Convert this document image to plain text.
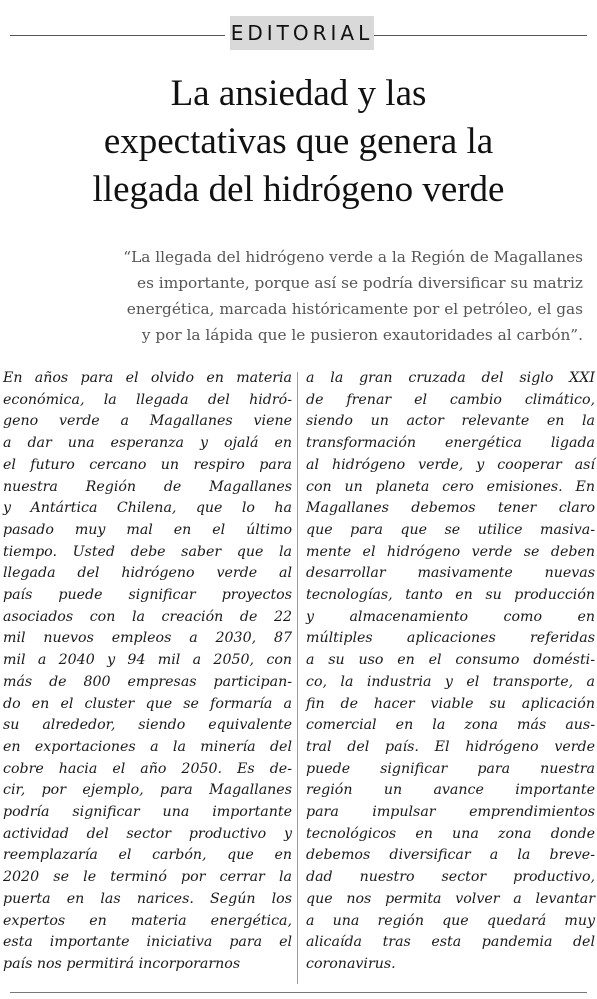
EDITORIAL
La ansiedad y las
expectativas que genera la
llegada del hidrógeno verde
“La llegada del hidrógeno verde a la Región de Magallanes
es importante, porque así se podría diversificar su matriz
energética, marcada históricamente por el petróleo, el gas
y por la lápida que le pusieron exautoridades al carbón”.
En años para el olvido en materia
económica, la llegada del hidró-
geno verde a Magallanes viene
a dar una esperanza y ojalá en
el futuro cercano un respiro para
nuestra Región de Magallanes
y Antártica Chilena, que lo ha
pasado muy mal en el último
tiempo. Usted debe saber que la
llegada del hidrógeno verde al
país puede significar proyectos
asociados con la creación de 22
mil nuevos empleos a 2030, 87
mil a 2040 y 94 mil a 2050, con
más de 800 empresas participan-
do en el cluster que se formaría a
su alrededor, siendo equivalente
en exportaciones a la minería del
cobre hacia el año 2050. Es de-
cir, por ejemplo, para Magallanes
podría significar una importante
actividad del sector productivo y
reemplazaría el carbón, que en
2020 se le terminó por cerrar la
puerta en las narices. Según los
expertos en materia energética,
esta importante iniciativa para el
país nos permitirá incorporarnos
a la gran cruzada del siglo XXI
de frenar el cambio climático,
siendo un actor relevante en la
transformación energética ligada
al hidrógeno verde, y cooperar así
con un planeta cero emisiones. En
Magallanes debemos tener claro
que para que se utilice masiva-
mente el hidrógeno verde se deben
desarrollar masivamente nuevas
tecnologías, tanto en su producción
y almacenamiento como en
múltiples aplicaciones referidas
a su uso en el consumo domésti-
co, la industria y el transporte, a
fin de hacer viable su aplicación
comercial en la zona más aus-
tral del país. El hidrógeno verde
puede significar para nuestra
región un avance importante
para impulsar emprendimientos
tecnológicos en una zona donde
debemos diversificar a la breve-
dad nuestro sector productivo,
que nos permita volver a levantar
a una región que quedará muy
alicaída tras esta pandemia del
coronavirus.
